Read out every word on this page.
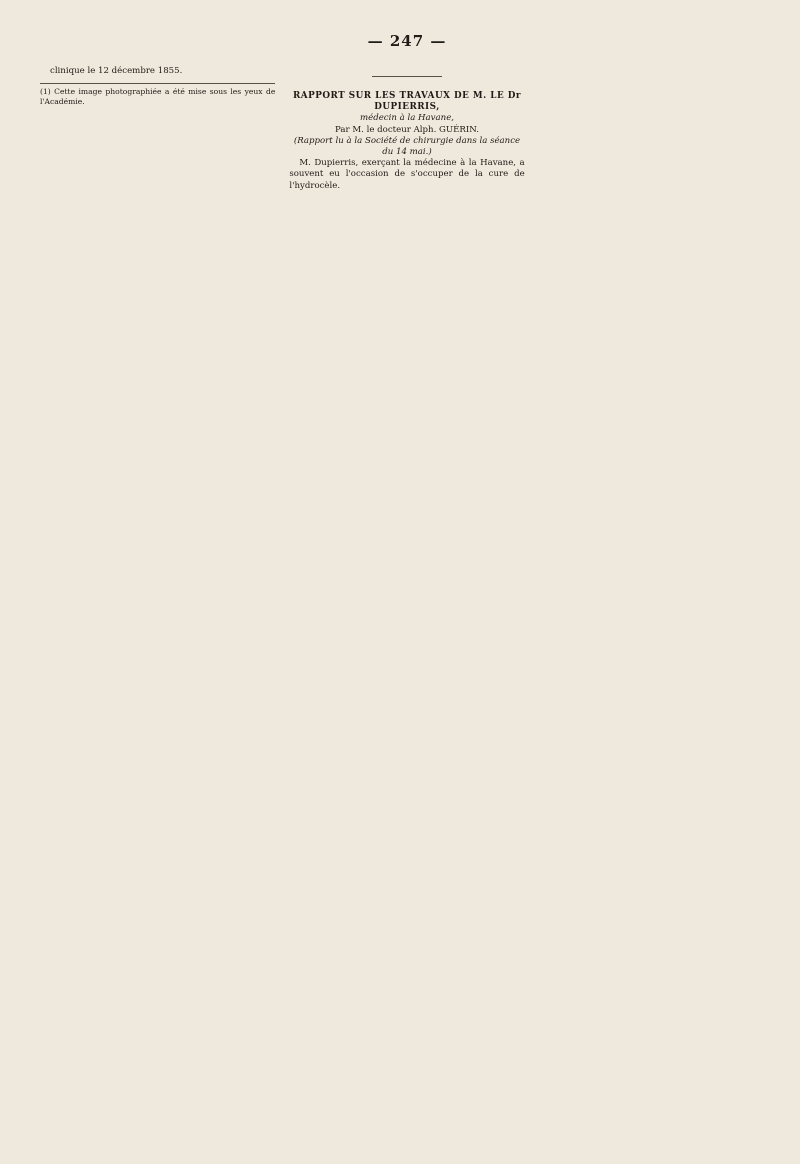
— 247 —

clinique le 12 décembre 1855.

(1) Cette image photographiée a été mise sous les yeux de l'Académie.

RAPPORT SUR LES TRAVAUX DE M. LE Dr DUPIERRIS,

médecin à la Havane,

Par M. le docteur Alph. GUÉRIN.

(Rapport lu à la Société de chirurgie dans la séance du 14 mai.)

M. Dupierris, exerçant la médecine à la Havane, a souvent eu l'occasion de s'occuper de la cure de l'hydrocèle.
